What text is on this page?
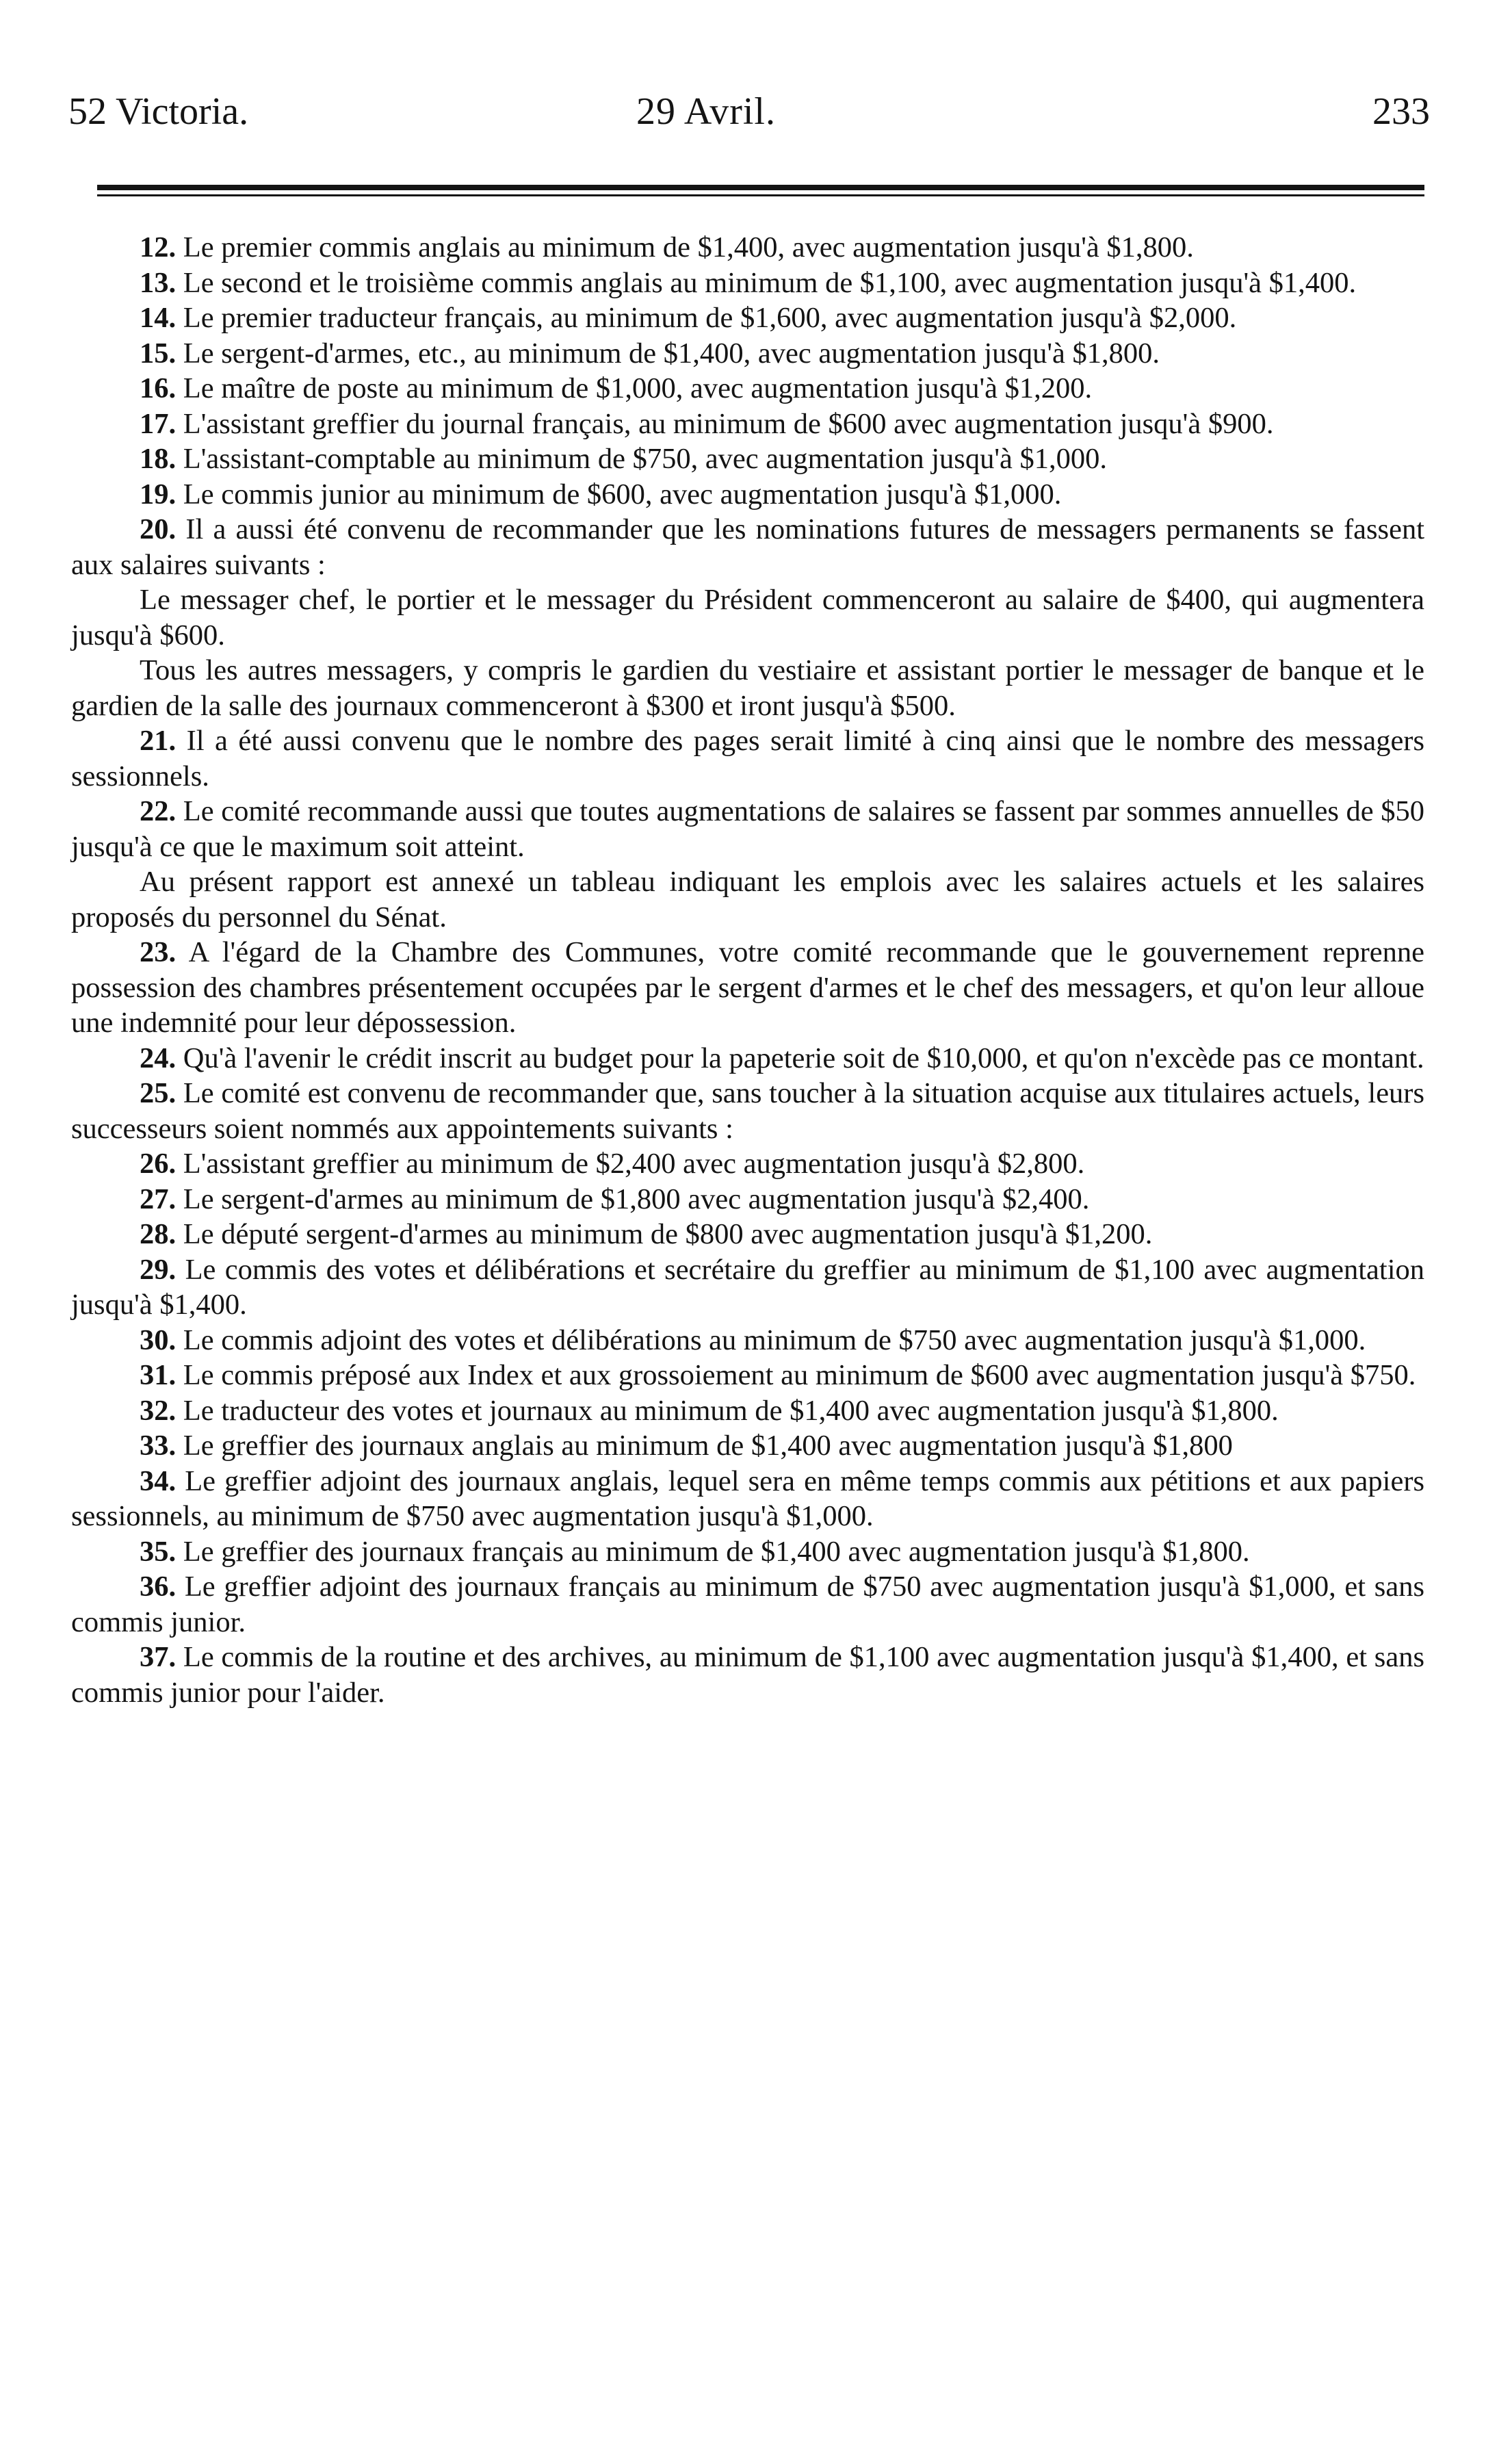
52 Victoria.	29 Avril.	233

12. Le premier commis anglais au minimum de $1,400, avec augmentation jusqu'à $1,800.

13. Le second et le troisième commis anglais au minimum de $1,100, avec augmentation jusqu'à $1,400.

14. Le premier traducteur français, au minimum de $1,600, avec augmentation jusqu'à $2,000.

15. Le sergent-d'armes, etc., au minimum de $1,400, avec augmentation jusqu'à $1,800.

16. Le maître de poste au minimum de $1,000, avec augmentation jusqu'à $1,200.

17. L'assistant greffier du journal français, au minimum de $600 avec augmentation jusqu'à $900.

18. L'assistant-comptable au minimum de $750, avec augmentation jusqu'à $1,000.

19. Le commis junior au minimum de $600, avec augmentation jusqu'à $1,000.

20. Il a aussi été convenu de recommander que les nominations futures de messagers permanents se fassent aux salaires suivants :

Le messager chef, le portier et le messager du Président commenceront au salaire de $400, qui augmentera jusqu'à $600.

Tous les autres messagers, y compris le gardien du vestiaire et assistant portier le messager de banque et le gardien de la salle des journaux commenceront à $300 et iront jusqu'à $500.

21. Il a été aussi convenu que le nombre des pages serait limité à cinq ainsi que le nombre des messagers sessionnels.

22. Le comité recommande aussi que toutes augmentations de salaires se fassent par sommes annuelles de $50 jusqu'à ce que le maximum soit atteint.

Au présent rapport est annexé un tableau indiquant les emplois avec les salaires actuels et les salaires proposés du personnel du Sénat.

23. A l'égard de la Chambre des Communes, votre comité recommande que le gouvernement reprenne possession des chambres présentement occupées par le sergent d'armes et le chef des messagers, et qu'on leur alloue une indemnité pour leur dépossession.

24. Qu'à l'avenir le crédit inscrit au budget pour la papeterie soit de $10,000, et qu'on n'excède pas ce montant.

25. Le comité est convenu de recommander que, sans toucher à la situation acquise aux titulaires actuels, leurs successeurs soient nommés aux appointements suivants :

26. L'assistant greffier au minimum de $2,400 avec augmentation jusqu'à $2,800.

27. Le sergent-d'armes au minimum de $1,800 avec augmentation jusqu'à $2,400.

28. Le député sergent-d'armes au minimum de $800 avec augmentation jusqu'à $1,200.

29. Le commis des votes et délibérations et secrétaire du greffier au minimum de $1,100 avec augmentation jusqu'à $1,400.

30. Le commis adjoint des votes et délibérations au minimum de $750 avec augmentation jusqu'à $1,000.

31. Le commis préposé aux Index et aux grossoiement au minimum de $600 avec augmentation jusqu'à $750.

32. Le traducteur des votes et journaux au minimum de $1,400 avec augmentation jusqu'à $1,800.

33. Le greffier des journaux anglais au minimum de $1,400 avec augmentation jusqu'à $1,800

34. Le greffier adjoint des journaux anglais, lequel sera en même temps commis aux pétitions et aux papiers sessionnels, au minimum de $750 avec augmentation jusqu'à $1,000.

35. Le greffier des journaux français au minimum de $1,400 avec augmentation jusqu'à $1,800.

36. Le greffier adjoint des journaux français au minimum de $750 avec augmentation jusqu'à $1,000, et sans commis junior.

37. Le commis de la routine et des archives, au minimum de $1,100 avec augmentation jusqu'à $1,400, et sans commis junior pour l'aider.
